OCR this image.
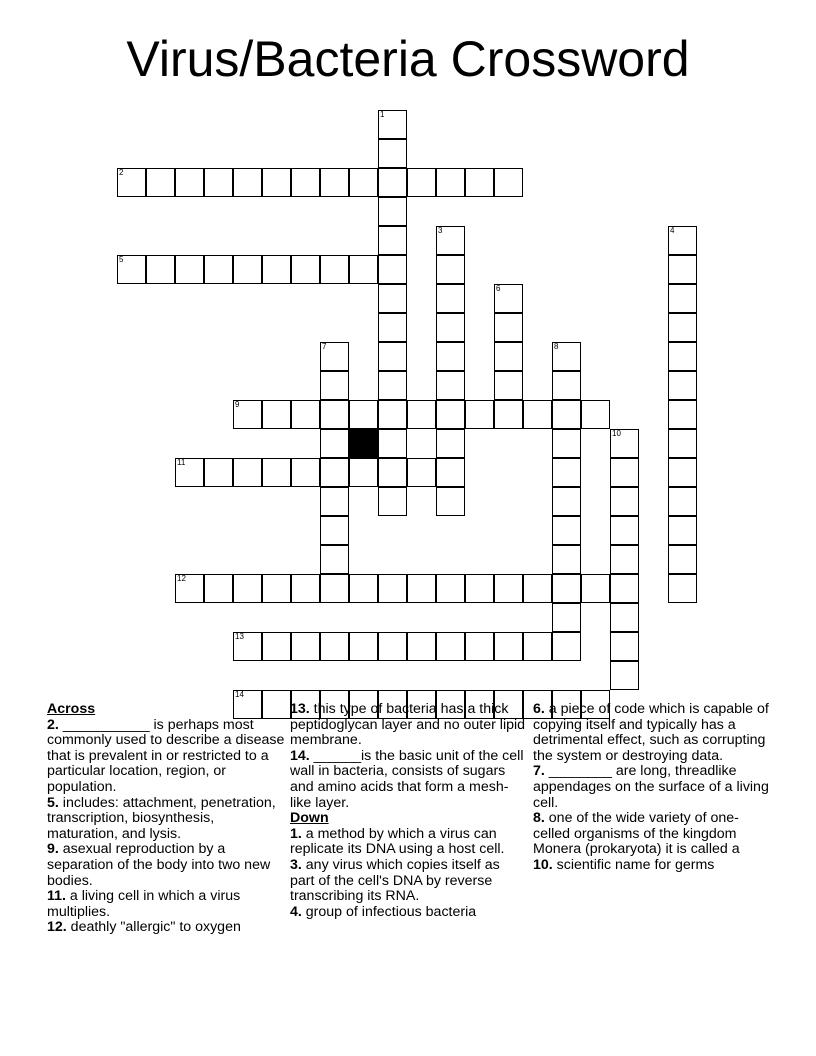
Virus/Bacteria Crossword
1
2
3	4
5
6
7	8
9
10
11
12
13
14

Across

2. ___________ is perhaps most commonly used to describe a disease that is prevalent in or restricted to a particular location, region, or population.

5. includes: attachment, penetration, transcription, biosynthesis, maturation, and lysis.

9. asexual reproduction by a separation of the body into two new bodies.

11. a living cell in which a virus multiplies.

12. deathly "allergic" to oxygen

13. this type of bacteria has a thick peptidoglycan layer and no outer lipid membrane.

14. ______is the basic unit of the cell wall in bacteria, consists of sugars and amino acids that form a mesh-like layer.

Down

1. a method by which a virus can replicate its DNA using a host cell.

3. any virus which copies itself as part of the cell's DNA by reverse transcribing its RNA.

4. group of infectious bacteria

6. a piece of code which is capable of copying itself and typically has a detrimental effect, such as corrupting the system or destroying data.

7. ________ are long, threadlike appendages on the surface of a living cell.

8. one of the wide variety of one-celled organisms of the kingdom Monera (prokaryota) it is called a

10. scientific name for germs
